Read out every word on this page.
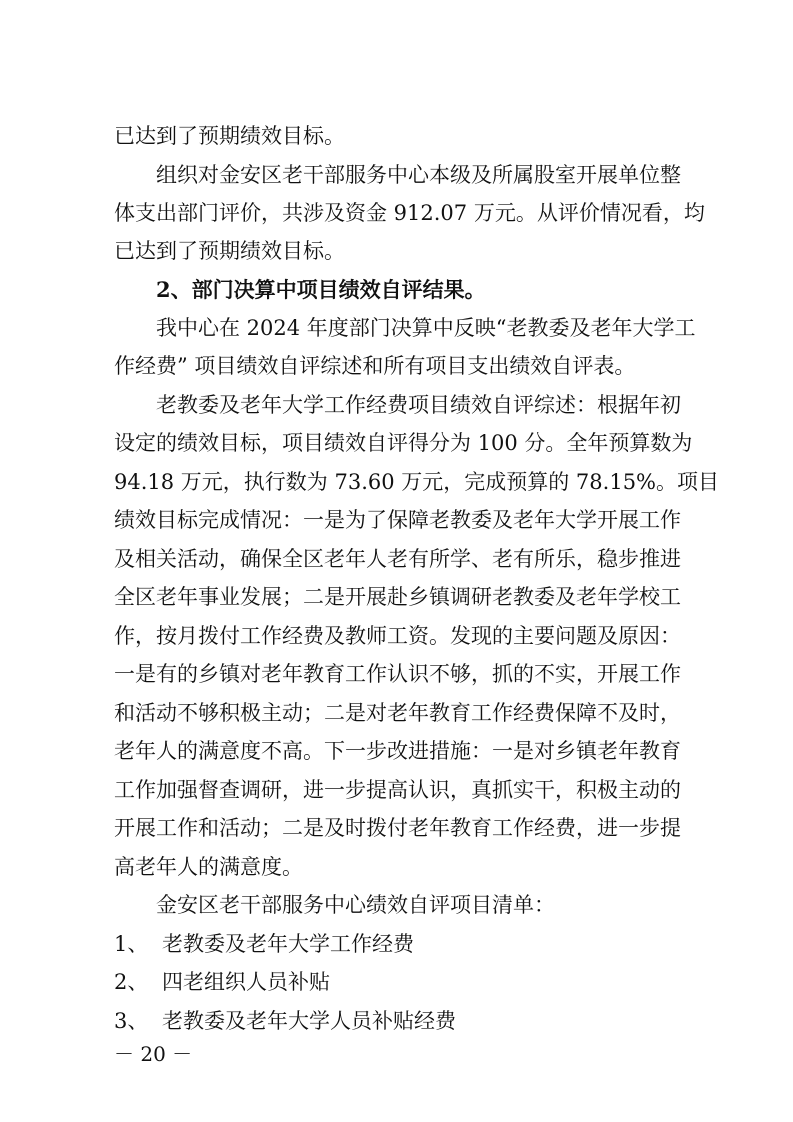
已达到了预期绩效目标。
组织对金安区老干部服务中心本级及所属股室开展单位整
体支出部门评价，共涉及资金 912.07 万元。从评价情况看，均
已达到了预期绩效目标。
2、部门决算中项目绩效自评结果。
我中心在 2024 年度部门决算中反映“老教委及老年大学工
作经费” 项目绩效自评综述和所有项目支出绩效自评表。
老教委及老年大学工作经费项目绩效自评综述：根据年初
设定的绩效目标，项目绩效自评得分为 100 分。全年预算数为
94.18 万元，执行数为 73.60 万元，完成预算的 78.15%。项目
绩效目标完成情况：一是为了保障老教委及老年大学开展工作
及相关活动，确保全区老年人老有所学、老有所乐，稳步推进
全区老年事业发展；二是开展赴乡镇调研老教委及老年学校工
作，按月拨付工作经费及教师工资。发现的主要问题及原因：
一是有的乡镇对老年教育工作认识不够，抓的不实，开展工作
和活动不够积极主动；二是对老年教育工作经费保障不及时，
老年人的满意度不高。下一步改进措施：一是对乡镇老年教育
工作加强督查调研，进一步提高认识，真抓实干，积极主动的
开展工作和活动；二是及时拨付老年教育工作经费，进一步提
高老年人的满意度。
金安区老干部服务中心绩效自评项目清单：
1、 老教委及老年大学工作经费
2、 四老组织人员补贴
3、 老教委及老年大学人员补贴经费
－ 20 －
